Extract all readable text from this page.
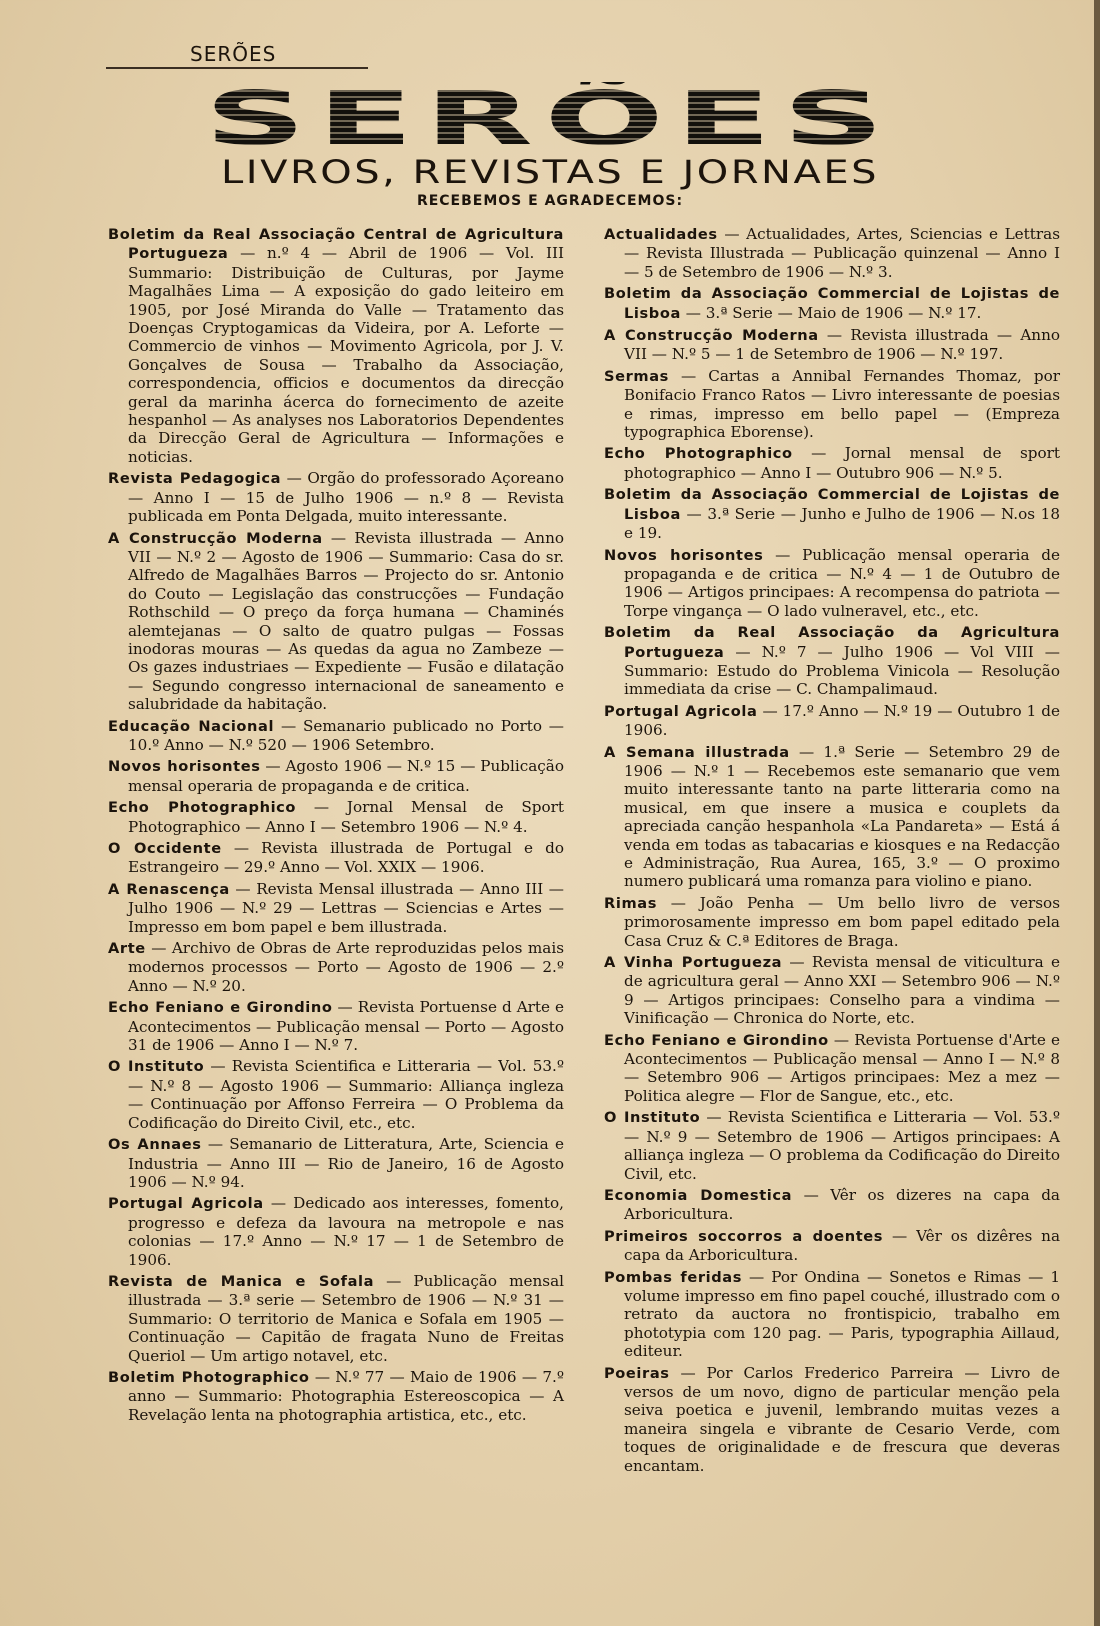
SERÕES
SERÕES
LIVROS, REVISTAS E JORNAES
RECEBEMOS E AGRADECEMOS:

Boletim da Real Associação Central de Agricultura Portugueza — n.º 4 — Abril de 1906 — Vol. III Summario: Distribuição de Culturas, por Jayme Magalhães Lima — A exposição do gado leiteiro em 1905, por José Miranda do Valle — Tratamento das Doenças Cryptogamicas da Videira, por A. Leforte — Commercio de vinhos — Movimento Agricola, por J. V. Gonçalves de Sousa — Trabalho da Associação, correspondencia, officios e documentos da direcção geral da marinha ácerca do fornecimento de azeite hespanhol — As analyses nos Laboratorios Dependentes da Direcção Geral de Agricultura — Informações e noticias.

Revista Pedagogica — Orgão do professorado Açoreano — Anno I — 15 de Julho 1906 — n.º 8 — Revista publicada em Ponta Delgada, muito interessante.

A Construcção Moderna — Revista illustrada — Anno VII — N.º 2 — Agosto de 1906 — Summario: Casa do sr. Alfredo de Magalhães Barros — Projecto do sr. Antonio do Couto — Legislação das construcções — Fundação Rothschild — O preço da força humana — Chaminés alemtejanas — O salto de quatro pulgas — Fossas inodoras mouras — As quedas da agua no Zambeze — Os gazes industriaes — Expediente — Fusão e dilatação — Segundo congresso internacional de saneamento e salubridade da habitação.

Educação Nacional — Semanario publicado no Porto — 10.º Anno — N.º 520 — 1906 Setembro.

Novos horisontes — Agosto 1906 — N.º 15 — Publicação mensal operaria de propaganda e de critica.

Echo Photographico — Jornal Mensal de Sport Photographico — Anno I — Setembro 1906 — N.º 4.

O Occidente — Revista illustrada de Portugal e do Estrangeiro — 29.º Anno — Vol. XXIX — 1906.

A Renascença — Revista Mensal illustrada — Anno III — Julho 1906 — N.º 29 — Lettras — Sciencias e Artes — Impresso em bom papel e bem illustrada.

Arte — Archivo de Obras de Arte reproduzidas pelos mais modernos processos — Porto — Agosto de 1906 — 2.º Anno — N.º 20.

Echo Feniano e Girondino — Revista Portuense d Arte e Acontecimentos — Publicação mensal — Porto — Agosto 31 de 1906 — Anno I — N.º 7.

O Instituto — Revista Scientifica e Litteraria — Vol. 53.º — N.º 8 — Agosto 1906 — Summario: Alliança ingleza — Continuação por Affonso Ferreira — O Problema da Codificação do Direito Civil, etc., etc.

Os Annaes — Semanario de Litteratura, Arte, Sciencia e Industria — Anno III — Rio de Janeiro, 16 de Agosto 1906 — N.º 94.

Portugal Agricola — Dedicado aos interesses, fomento, progresso e defeza da lavoura na metropole e nas colonias — 17.º Anno — N.º 17 — 1 de Setembro de 1906.

Revista de Manica e Sofala — Publicação mensal illustrada — 3.ª serie — Setembro de 1906 — N.º 31 — Summario: O territorio de Manica e Sofala em 1905 — Continuação — Capitão de fragata Nuno de Freitas Queriol — Um artigo notavel, etc.

Boletim Photographico — N.º 77 — Maio de 1906 — 7.º anno — Summario: Photographia Estereoscopica — A Revelação lenta na photographia artistica, etc., etc.

Actualidades — Actualidades, Artes, Sciencias e Lettras — Revista Illustrada — Publicação quinzenal — Anno I — 5 de Setembro de 1906 — N.º 3.

Boletim da Associação Commercial de Lojistas de Lisboa — 3.ª Serie — Maio de 1906 — N.º 17.

A Construcção Moderna — Revista illustrada — Anno VII — N.º 5 — 1 de Setembro de 1906 — N.º 197.

Sermas — Cartas a Annibal Fernandes Thomaz, por Bonifacio Franco Ratos — Livro interessante de poesias e rimas, impresso em bello papel — (Empreza typographica Eborense).

Echo Photographico — Jornal mensal de sport photographico — Anno I — Outubro 906 — N.º 5.

Boletim da Associação Commercial de Lojistas de Lisboa — 3.ª Serie — Junho e Julho de 1906 — N.os 18 e 19.

Novos horisontes — Publicação mensal operaria de propaganda e de critica — N.º 4 — 1 de Outubro de 1906 — Artigos principaes: A recompensa do patriota — Torpe vingança — O lado vulneravel, etc., etc.

Boletim da Real Associação da Agricultura Portugueza — N.º 7 — Julho 1906 — Vol VIII — Summario: Estudo do Problema Vinicola — Resolução immediata da crise — C. Champalimaud.

Portugal Agricola — 17.º Anno — N.º 19 — Outubro 1 de 1906.

A Semana illustrada — 1.ª Serie — Setembro 29 de 1906 — N.º 1 — Recebemos este semanario que vem muito interessante tanto na parte litteraria como na musical, em que insere a musica e couplets da apreciada canção hespanhola «La Pandareta» — Está á venda em todas as tabacarias e kiosques e na Redacção e Administração, Rua Aurea, 165, 3.º — O proximo numero publicará uma romanza para violino e piano.

Rimas — João Penha — Um bello livro de versos primorosamente impresso em bom papel editado pela Casa Cruz & C.ª Editores de Braga.

A Vinha Portugueza — Revista mensal de viticultura e de agricultura geral — Anno XXI — Setembro 906 — N.º 9 — Artigos principaes: Conselho para a vindima — Vinificação — Chronica do Norte, etc.

Echo Feniano e Girondino — Revista Portuense d'Arte e Acontecimentos — Publicação mensal — Anno I — N.º 8 — Setembro 906 — Artigos principaes: Mez a mez — Politica alegre — Flor de Sangue, etc., etc.

O Instituto — Revista Scientifica e Litteraria — Vol. 53.º — N.º 9 — Setembro de 1906 — Artigos principaes: A alliança ingleza — O problema da Codificação do Direito Civil, etc.

Economia Domestica — Vêr os dizeres na capa da Arboricultura.

Primeiros soccorros a doentes — Vêr os dizêres na capa da Arboricultura.

Pombas feridas — Por Ondina — Sonetos e Rimas — 1 volume impresso em fino papel couché, illustrado com o retrato da auctora no frontispicio, trabalho em phototypia com 120 pag. — Paris, typographia Aillaud, editeur.

Poeiras — Por Carlos Frederico Parreira — Livro de versos de um novo, digno de particular menção pela seiva poetica e juvenil, lembrando muitas vezes a maneira singela e vibrante de Cesario Verde, com toques de originalidade e de frescura que deveras encantam.
